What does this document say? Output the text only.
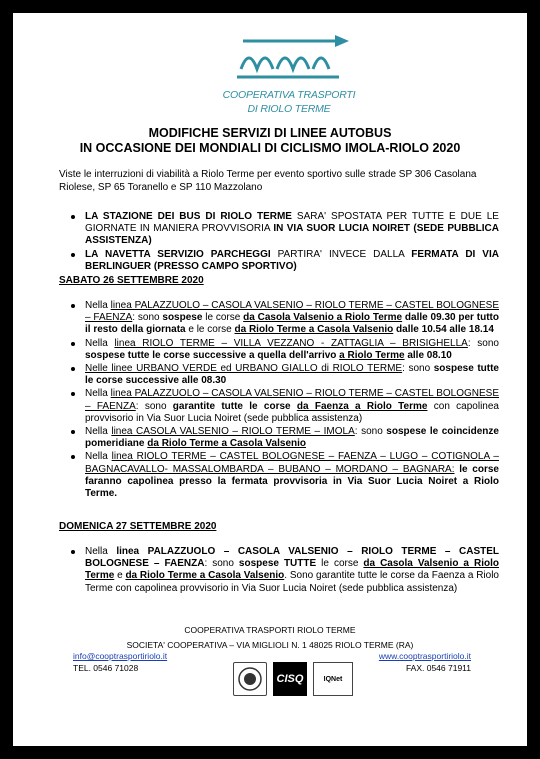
COOPERATIVA TRASPORTI
DI RIOLO TERME
MODIFICHE SERVIZI DI LINEE AUTOBUS
IN OCCASIONE DEI MONDIALI DI CICLISMO IMOLA-RIOLO 2020
Viste le interruzioni di viabilità a Riolo Terme per evento sportivo sulle strade SP 306 Casolana Riolese, SP 65 Toranello e SP 110 Mazzolano
LA STAZIONE DEI BUS DI RIOLO TERME SARA' SPOSTATA PER TUTTE E DUE LE GIORNATE IN MANIERA PROVVISORIA IN VIA SUOR LUCIA NOIRET (SEDE PUBBLICA ASSISTENZA)
LA NAVETTA SERVIZIO PARCHEGGI PARTIRA' INVECE DALLA FERMATA DI VIA BERLINGUER (PRESSO CAMPO SPORTIVO)
SABATO 26 SETTEMBRE 2020
Nella linea PALAZZUOLO – CASOLA VALSENIO – RIOLO TERME – CASTEL BOLOGNESE – FAENZA: sono sospese le corse da Casola Valsenio a Riolo Terme dalle 09.30 per tutto il resto della giornata e le corse da Riolo Terme a Casola Valsenio dalle 10.54 alle 18.14
Nella linea RIOLO TERME – VILLA VEZZANO - ZATTAGLIA – BRISIGHELLA: sono sospese tutte le corse successive a quella dell'arrivo a Riolo Terme alle 08.10
Nelle linee URBANO VERDE ed URBANO GIALLO di RIOLO TERME: sono sospese tutte le corse successive alle 08.30
Nella linea PALAZZUOLO – CASOLA VALSENIO – RIOLO TERME – CASTEL BOLOGNESE – FAENZA: sono garantite tutte le corse da Faenza a Riolo Terme con capolinea provvisorio in Via Suor Lucia Noiret (sede pubblica assistenza)
Nella linea CASOLA VALSENIO – RIOLO TERME – IMOLA: sono sospese le coincidenze pomeridiane da Riolo Terme a Casola Valsenio
Nella linea RIOLO TERME – CASTEL BOLOGNESE – FAENZA – LUGO – COTIGNOLA – BAGNACAVALLO- MASSALOMBARDA – BUBANO – MORDANO – BAGNARA: le corse faranno capolinea presso la fermata provvisoria in Via Suor Lucia Noiret a Riolo Terme.
DOMENICA 27 SETTEMBRE 2020
Nella linea PALAZZUOLO – CASOLA VALSENIO – RIOLO TERME – CASTEL BOLOGNESE – FAENZA: sono sospese TUTTE le corse da Casola Valsenio a Riolo Terme e da Riolo Terme a Casola Valsenio. Sono garantite tutte le corse da Faenza a Riolo Terme con capolinea provvisorio in Via Suor Lucia Noiret (sede pubblica assistenza)
COOPERATIVA TRASPORTI RIOLO TERME
SOCIETA' COOPERATIVA – VIA MIGLIOLI N. 1 48025 RIOLO TERME (RA)
info@cooptrasportiriolo.it
TEL. 0546 71028
www.cooptrasportiriolo.it
FAX. 0546 71911
CISQ	IQNet
